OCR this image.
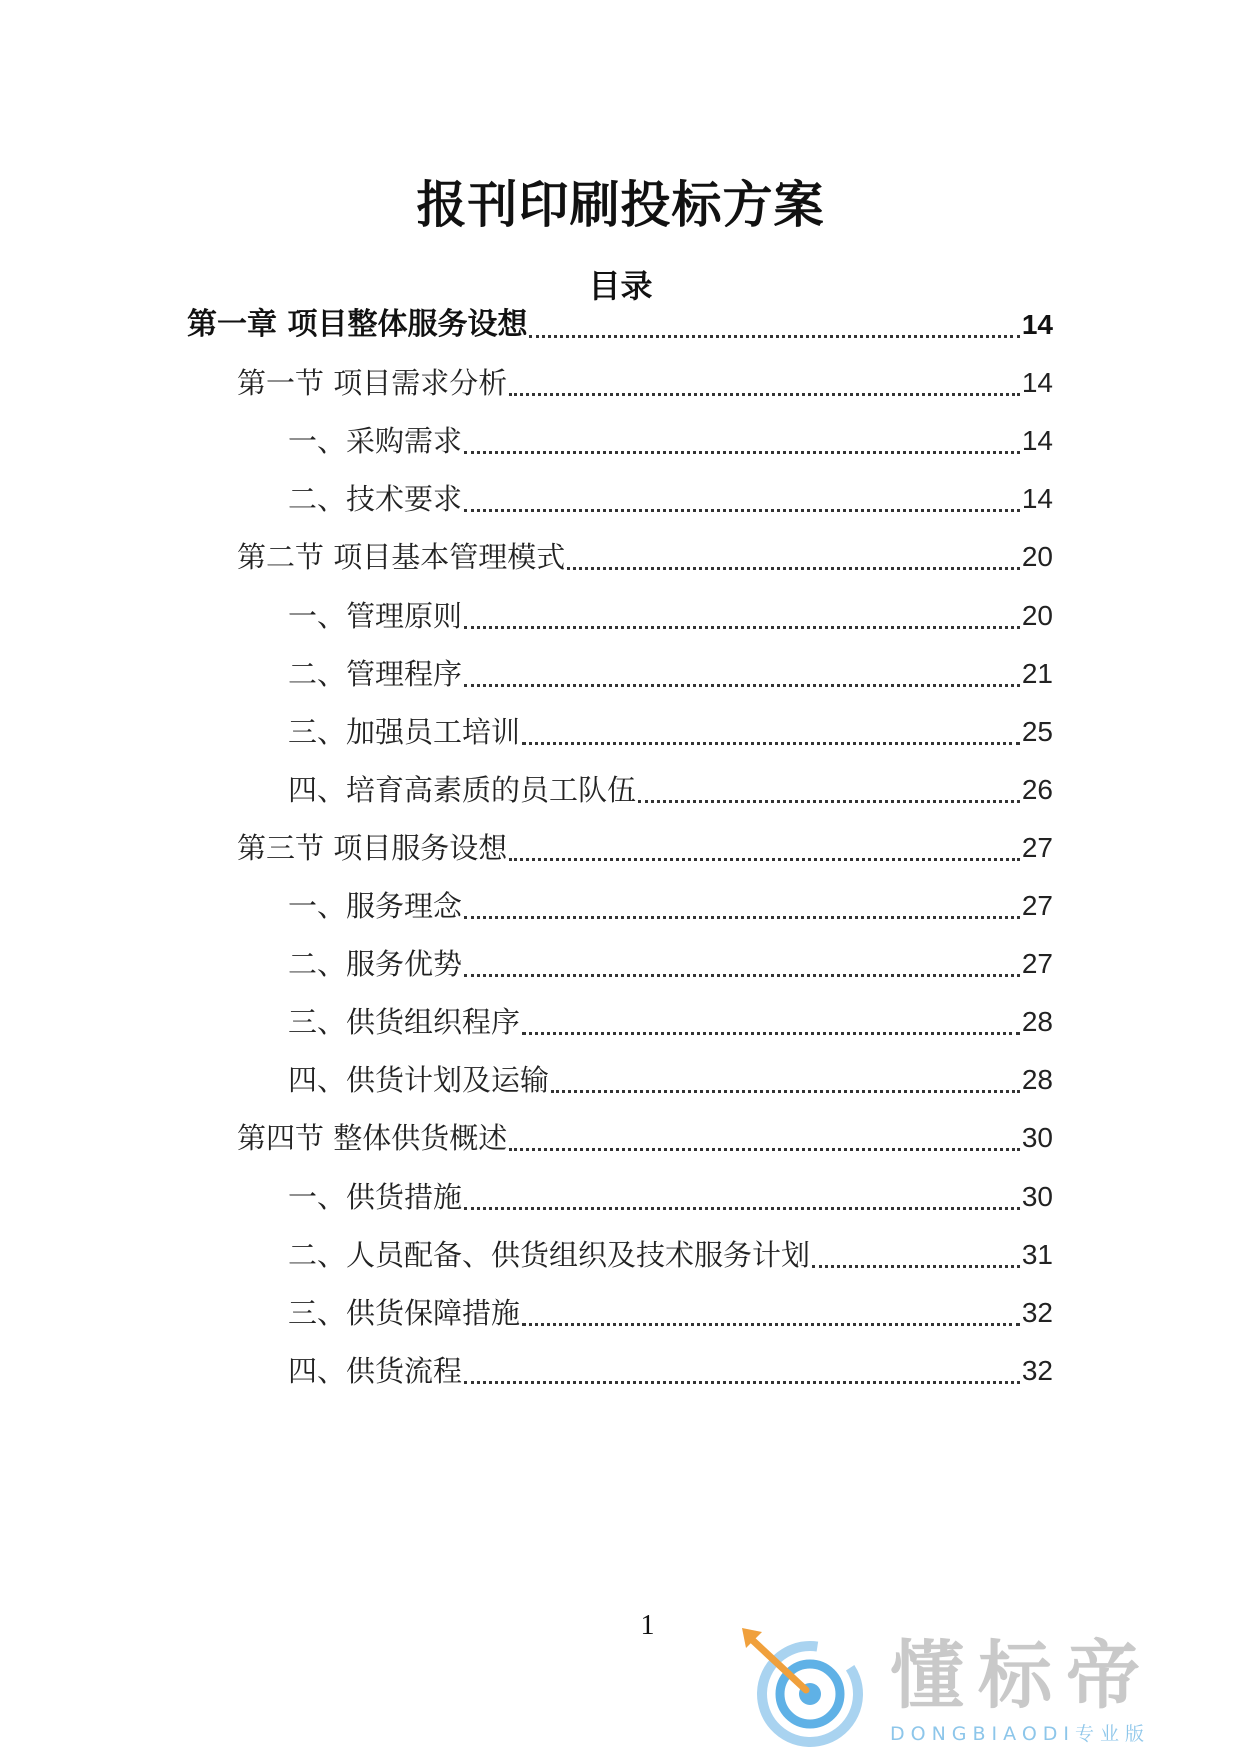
报刊印刷投标方案
目录
第一章 项目整体服务设想	14
第一节 项目需求分析	14
一、采购需求	14
二、技术要求	14
第二节 项目基本管理模式	20
一、管理原则	20
二、管理程序	21
三、加强员工培训	25
四、培育高素质的员工队伍	26
第三节 项目服务设想	27
一、服务理念	27
二、服务优势	27
三、供货组织程序	28
四、供货计划及运输	28
第四节 整体供货概述	30
一、供货措施	30
二、人员配备、供货组织及技术服务计划	31
三、供货保障措施	32
四、供货流程	32
1
懂标帝
DONGBIAODI专业版
